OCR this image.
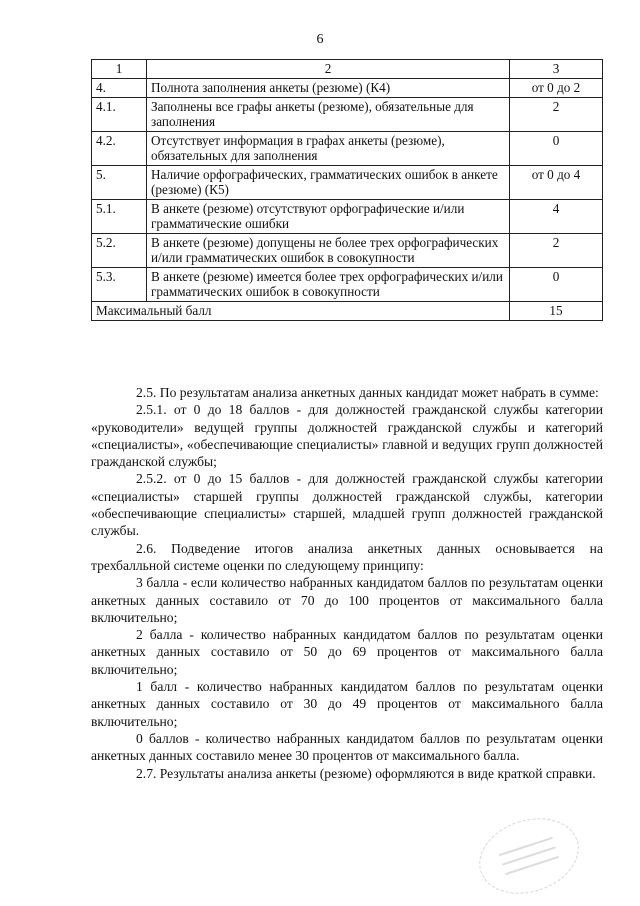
6
1	2	3
4.	Полнота заполнения анкеты (резюме) (К4)	от 0 до 2
4.1.	Заполнены все графы анкеты (резюме), обязательные для заполнения	2
4.2.	Отсутствует информация в графах анкеты (резюме), обязательных для заполнения	0
5.	Наличие орфографических, грамматических ошибок в анкете (резюме) (К5)	от 0 до 4
5.1.	В анкете (резюме) отсутствуют орфографические и/или грамматические ошибки	4
5.2.	В анкете (резюме) допущены не более трех орфографических и/или грамматических ошибок в совокупности	2
5.3.	В анкете (резюме) имеется более трех орфографических и/или грамматических ошибок в совокупности	0
Максимальный балл		15

2.5. По результатам анализа анкетных данных кандидат может набрать в сумме:

2.5.1. от 0 до 18 баллов - для должностей гражданской службы категории «руководители» ведущей группы должностей гражданской службы и категорий «специалисты», «обеспечивающие специалисты» главной и ведущих групп должностей гражданской службы;

2.5.2. от 0 до 15 баллов - для должностей гражданской службы категории «специалисты» старшей группы должностей гражданской службы, категории «обеспечивающие специалисты» старшей, младшей групп должностей гражданской службы.

2.6. Подведение итогов анализа анкетных данных основывается на трехбалльной системе оценки по следующему принципу:

3 балла - если количество набранных кандидатом баллов по результатам оценки анкетных данных составило от 70 до 100 процентов от максимального балла включительно;

2 балла - количество набранных кандидатом баллов по результатам оценки анкетных данных составило от 50 до 69 процентов от максимального балла включительно;

1 балл - количество набранных кандидатом баллов по результатам оценки анкетных данных составило от 30 до 49 процентов от максимального балла включительно;

0 баллов - количество набранных кандидатом баллов по результатам оценки анкетных данных составило менее 30 процентов от максимального балла.

2.7. Результаты анализа анкеты (резюме) оформляются в виде краткой справки.
